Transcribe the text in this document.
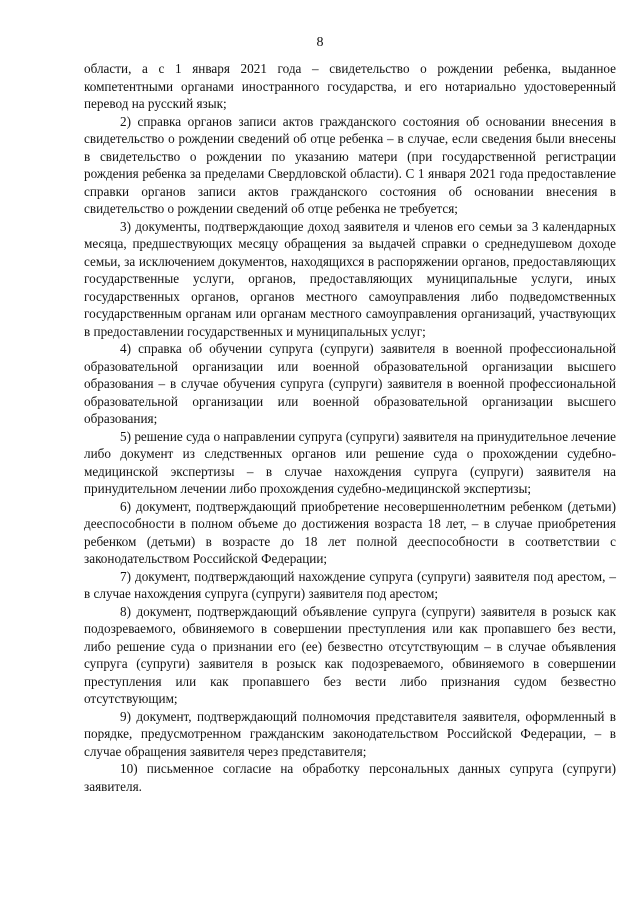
8

области, а с 1 января 2021 года – свидетельство о рождении ребенка, выданное компетентными органами иностранного государства, и его нотариально удостоверенный перевод на русский язык;

2) справка органов записи актов гражданского состояния об основании внесения в свидетельство о рождении сведений об отце ребенка – в случае, если сведения были внесены в свидетельство о рождении по указанию матери (при государственной регистрации рождения ребенка за пределами Свердловской области). С 1 января 2021 года предоставление справки органов записи актов гражданского состояния об основании внесения в свидетельство о рождении сведений об отце ребенка не требуется;

3) документы, подтверждающие доход заявителя и членов его семьи за 3 календарных месяца, предшествующих месяцу обращения за выдачей справки о среднедушевом доходе семьи, за исключением документов, находящихся в распоряжении органов, предоставляющих государственные услуги, органов, предоставляющих муниципальные услуги, иных государственных органов, органов местного самоуправления либо подведомственных государственным органам или органам местного самоуправления организаций, участвующих в предоставлении государственных и муниципальных услуг;

4) справка об обучении супруга (супруги) заявителя в военной профессиональной образовательной организации или военной образовательной организации высшего образования – в случае обучения супруга (супруги) заявителя в военной профессиональной образовательной организации или военной образовательной организации высшего образования;

5) решение суда о направлении супруга (супруги) заявителя на принудительное лечение либо документ из следственных органов или решение суда о прохождении судебно-медицинской экспертизы – в случае нахождения супруга (супруги) заявителя на принудительном лечении либо прохождения судебно-медицинской экспертизы;

6) документ, подтверждающий приобретение несовершеннолетним ребенком (детьми) дееспособности в полном объеме до достижения возраста 18 лет, – в случае приобретения ребенком (детьми) в возрасте до 18 лет полной дееспособности в соответствии с законодательством Российской Федерации;

7) документ, подтверждающий нахождение супруга (супруги) заявителя под арестом, – в случае нахождения супруга (супруги) заявителя под арестом;

8) документ, подтверждающий объявление супруга (супруги) заявителя в розыск как подозреваемого, обвиняемого в совершении преступления или как пропавшего без вести, либо решение суда о признании его (ее) безвестно отсутствующим – в случае объявления супруга (супруги) заявителя в розыск как подозреваемого, обвиняемого в совершении преступления или как пропавшего без вести либо признания судом безвестно отсутствующим;

9) документ, подтверждающий полномочия представителя заявителя, оформленный в порядке, предусмотренном гражданским законодательством Российской Федерации, – в случае обращения заявителя через представителя;

10) письменное согласие на обработку персональных данных супруга (супруги) заявителя.
